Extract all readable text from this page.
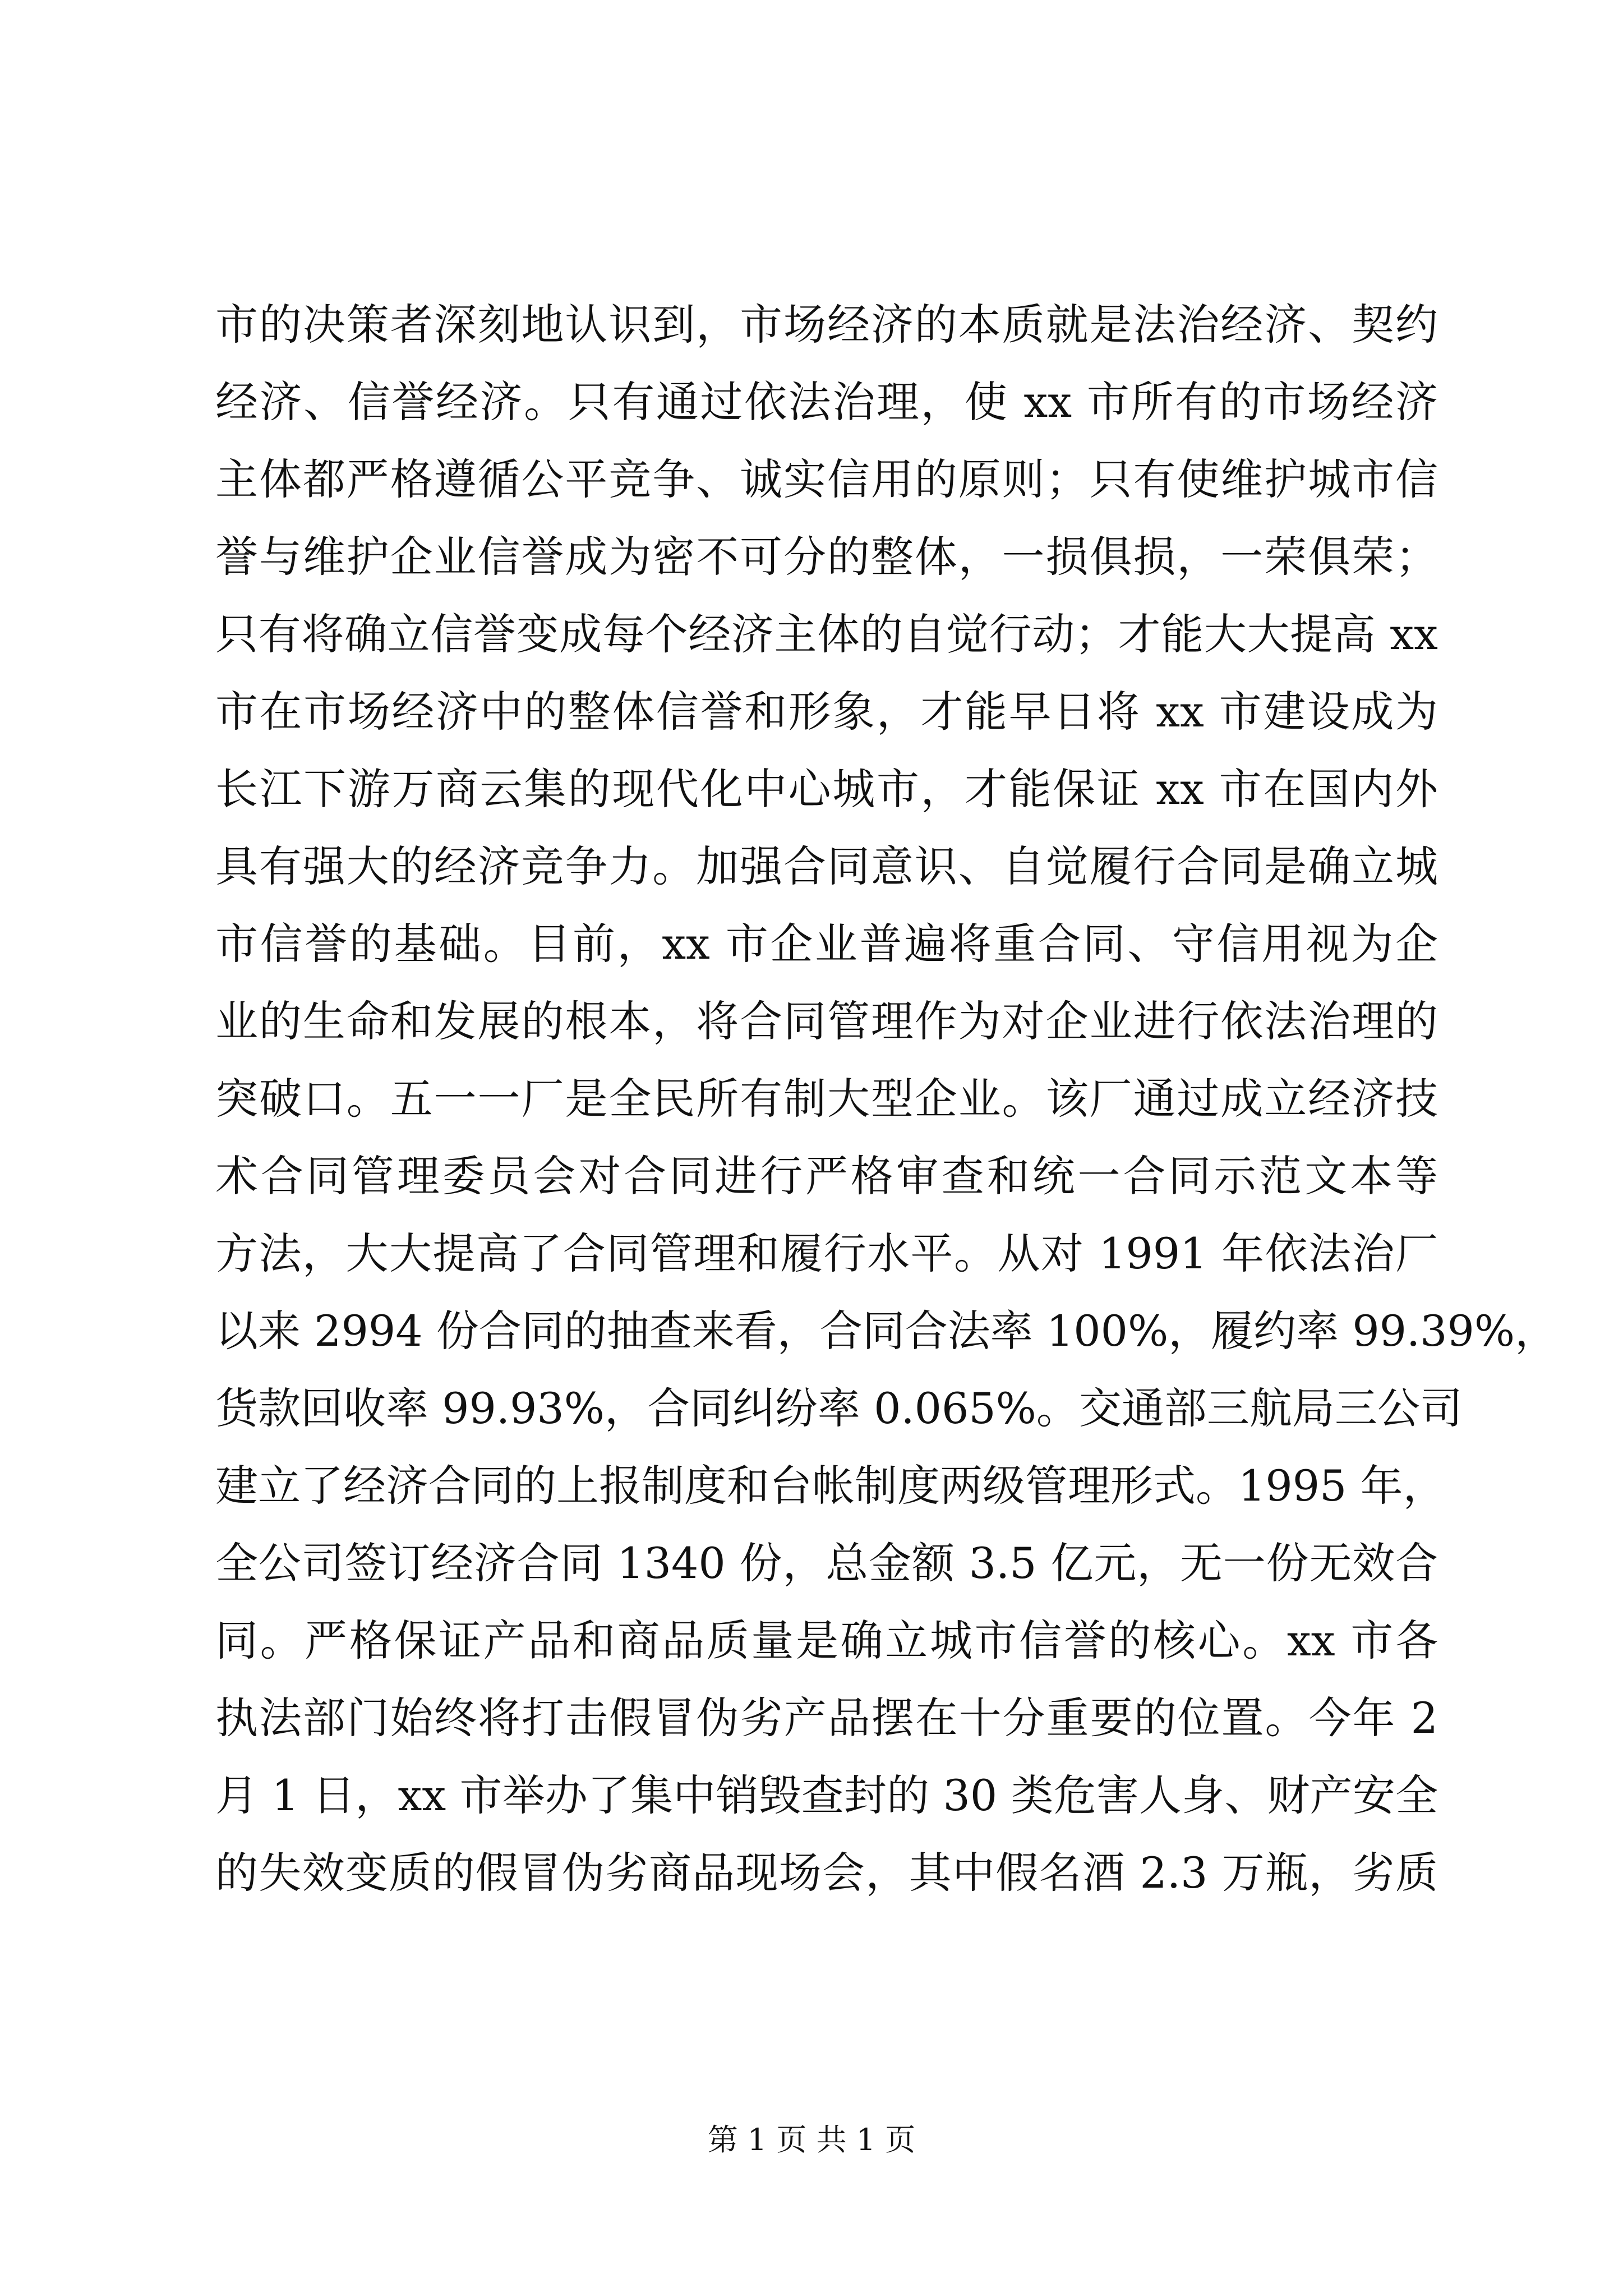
市的决策者深刻地认识到，市场经济的本质就是法治经济、契约
经济、信誉经济。只有通过依法治理，使 xx 市所有的市场经济
主体都严格遵循公平竞争、诚实信用的原则；只有使维护城市信
誉与维护企业信誉成为密不可分的整体，一损俱损，一荣俱荣；
只有将确立信誉变成每个经济主体的自觉行动；才能大大提高 xx
市在市场经济中的整体信誉和形象，才能早日将 xx 市建设成为
长江下游万商云集的现代化中心城市，才能保证 xx 市在国内外
具有强大的经济竞争力。加强合同意识、自觉履行合同是确立城
市信誉的基础。目前，xx 市企业普遍将重合同、守信用视为企
业的生命和发展的根本，将合同管理作为对企业进行依法治理的
突破口。五一一厂是全民所有制大型企业。该厂通过成立经济技
术合同管理委员会对合同进行严格审查和统一合同示范文本等
方法，大大提高了合同管理和履行水平。从对 1991 年依法治厂
以来 2994 份合同的抽查来看，合同合法率 100%，履约率 99.39%，
货款回收率 99.93%，合同纠纷率 0.065%。交通部三航局三公司
建立了经济合同的上报制度和台帐制度两级管理形式。1995 年，
全公司签订经济合同 1340 份，总金额 3.5 亿元，无一份无效合
同。严格保证产品和商品质量是确立城市信誉的核心。xx 市各
执法部门始终将打击假冒伪劣产品摆在十分重要的位置。今年 2
月 1 日，xx 市举办了集中销毁查封的 30 类危害人身、财产安全
的失效变质的假冒伪劣商品现场会，其中假名酒 2.3 万瓶，劣质
第 1 页 共 1 页
